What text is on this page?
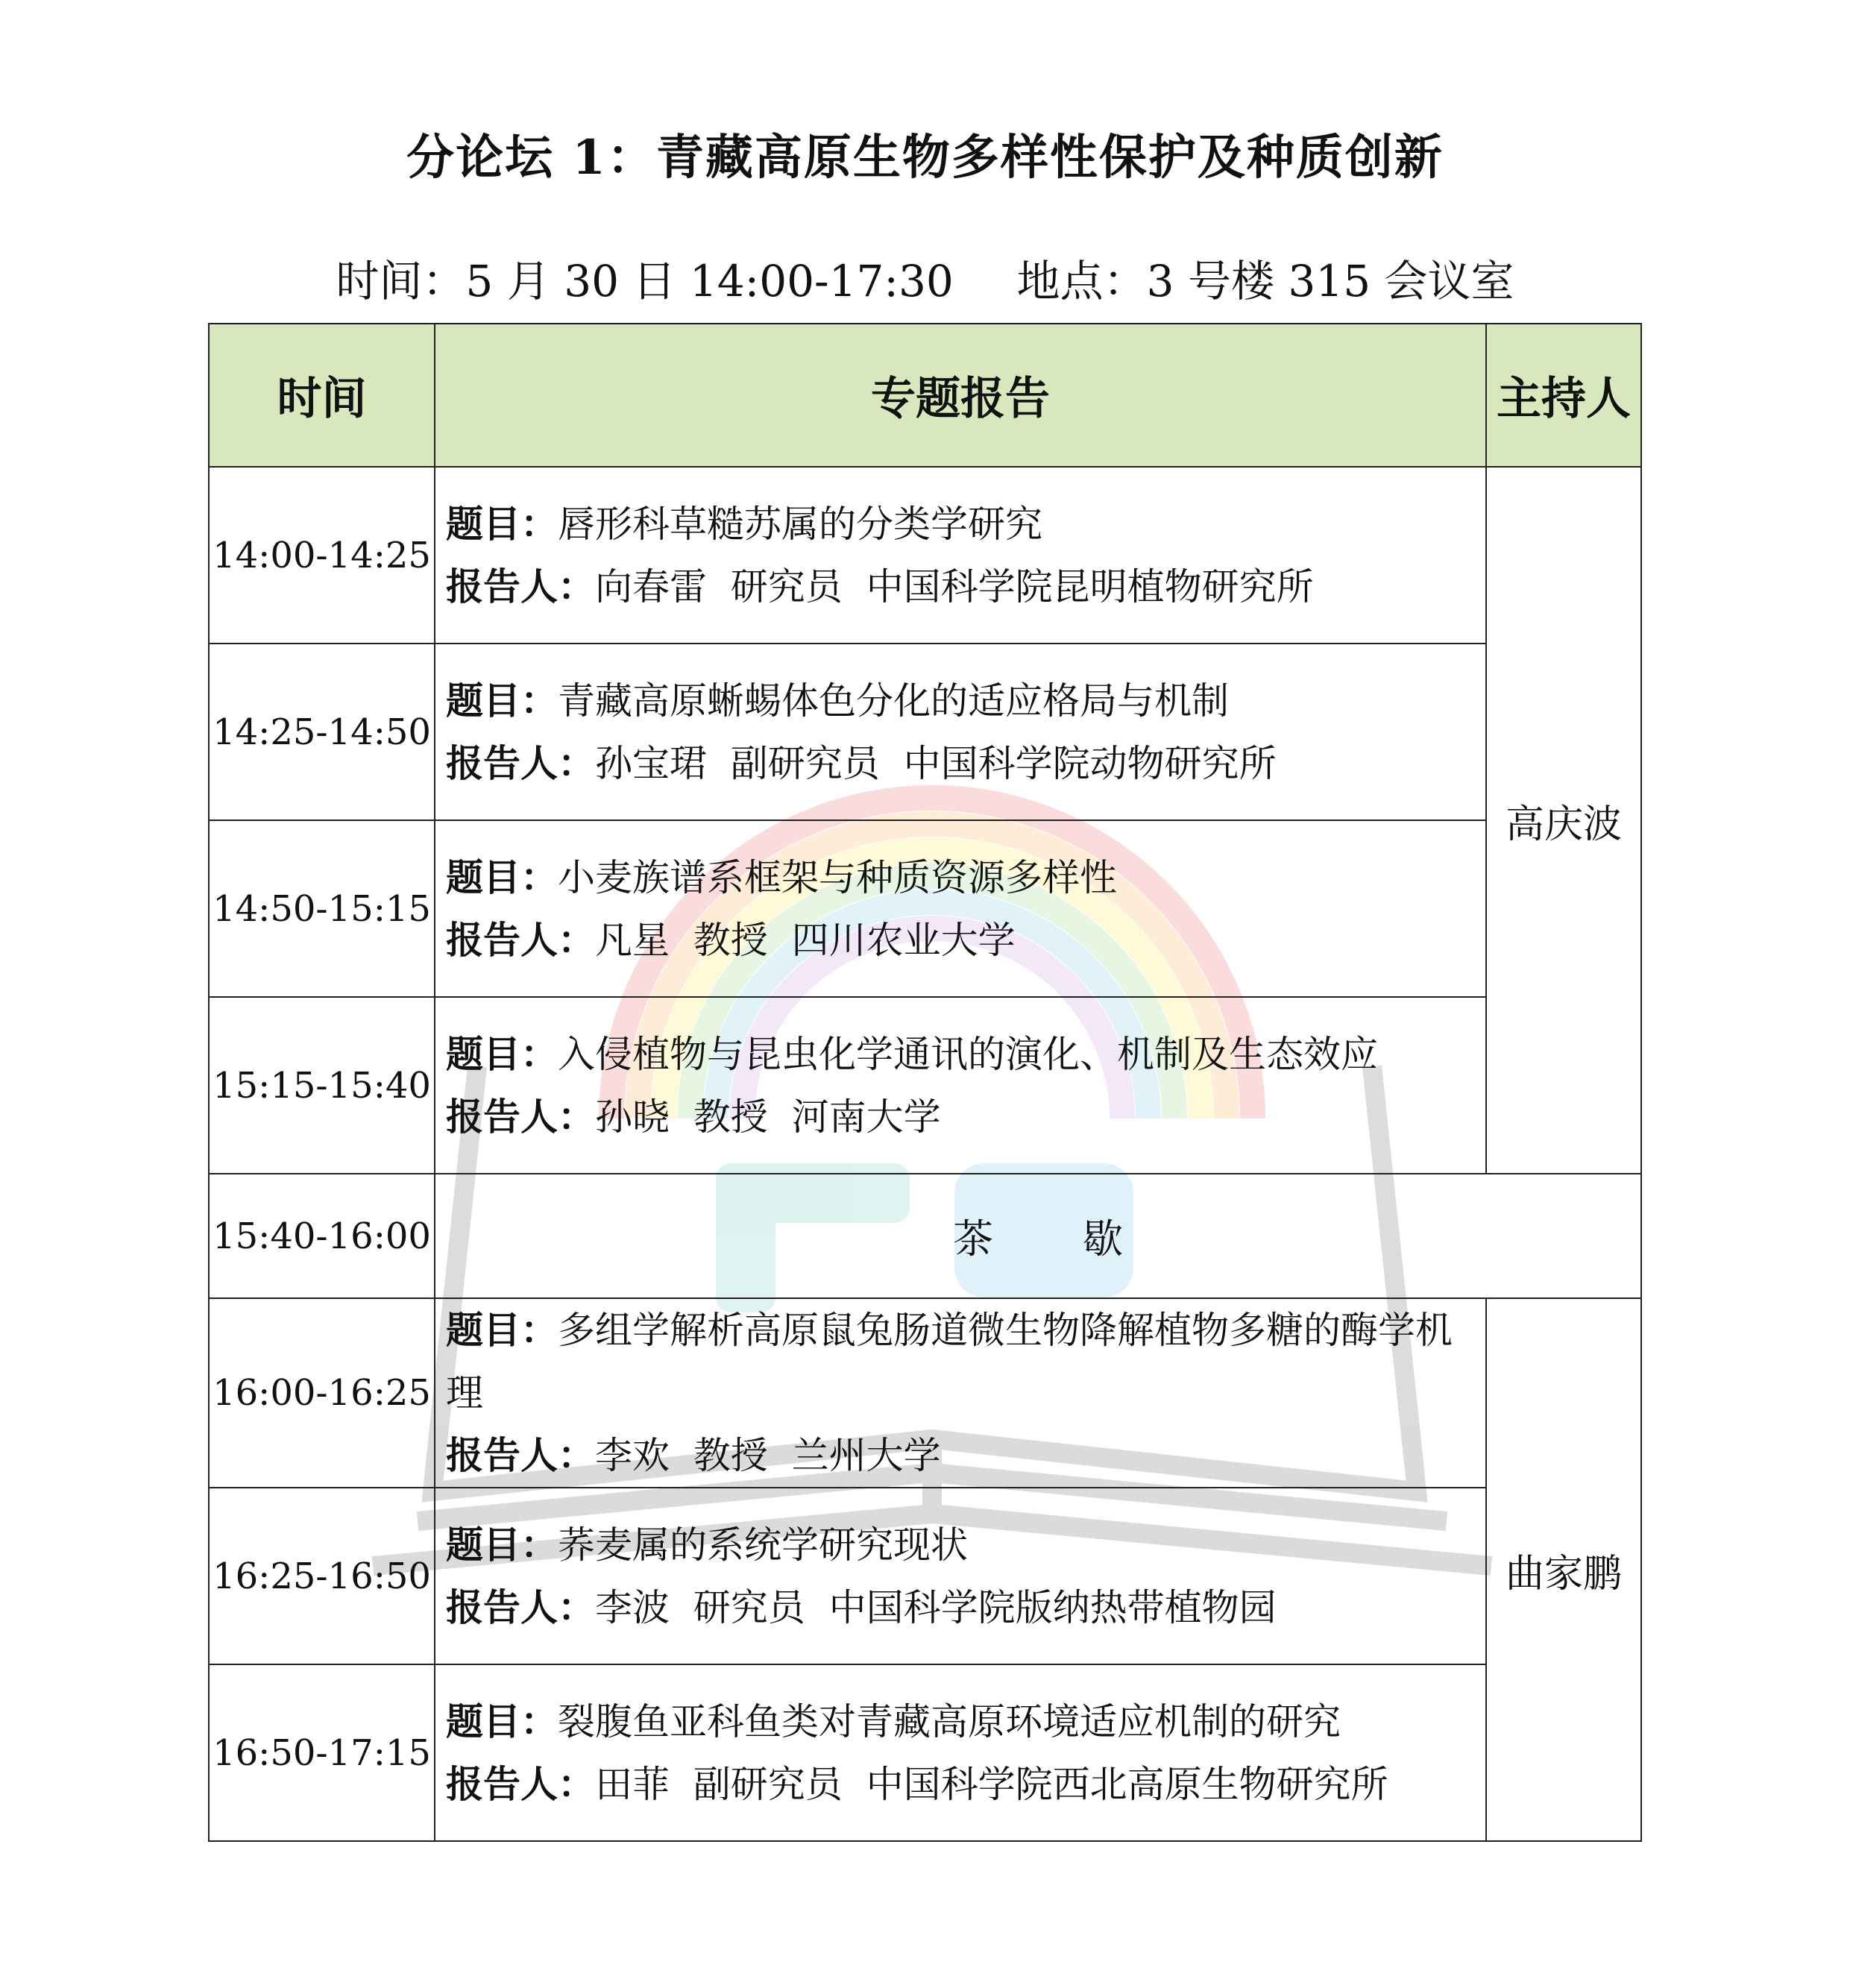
分论坛 1：青藏高原生物多样性保护及种质创新
时间：5 月 30 日 14:00-17:30 地点：3 号楼 315 会议室
时间	专题报告	主持人
14:00-14:25	题目：唇形科草糙苏属的分类学研究
报告人：向春雷  研究员  中国科学院昆明植物研究所	高庆波
14:25-14:50	题目：青藏高原蜥蜴体色分化的适应格局与机制
报告人：孙宝珺  副研究员  中国科学院动物研究所	

14:50-15:15	题目：小麦族谱系框架与种质资源多样性
报告人：凡星  教授  四川农业大学	

15:15-15:40	题目：入侵植物与昆虫化学通讯的演化、机制及生态效应
报告人：孙晓  教授  河南大学	

15:40-16:00	茶歇	
16:00-16:25	题目：多组学解析高原鼠兔肠道微生物降解植物多糖的酶学机理
报告人：李欢  教授  兰州大学	曲家鹏
16:25-16:50	题目：荞麦属的系统学研究现状
报告人：李波  研究员  中国科学院版纳热带植物园	

16:50-17:15	题目：裂腹鱼亚科鱼类对青藏高原环境适应机制的研究
报告人：田菲  副研究员  中国科学院西北高原生物研究所	
